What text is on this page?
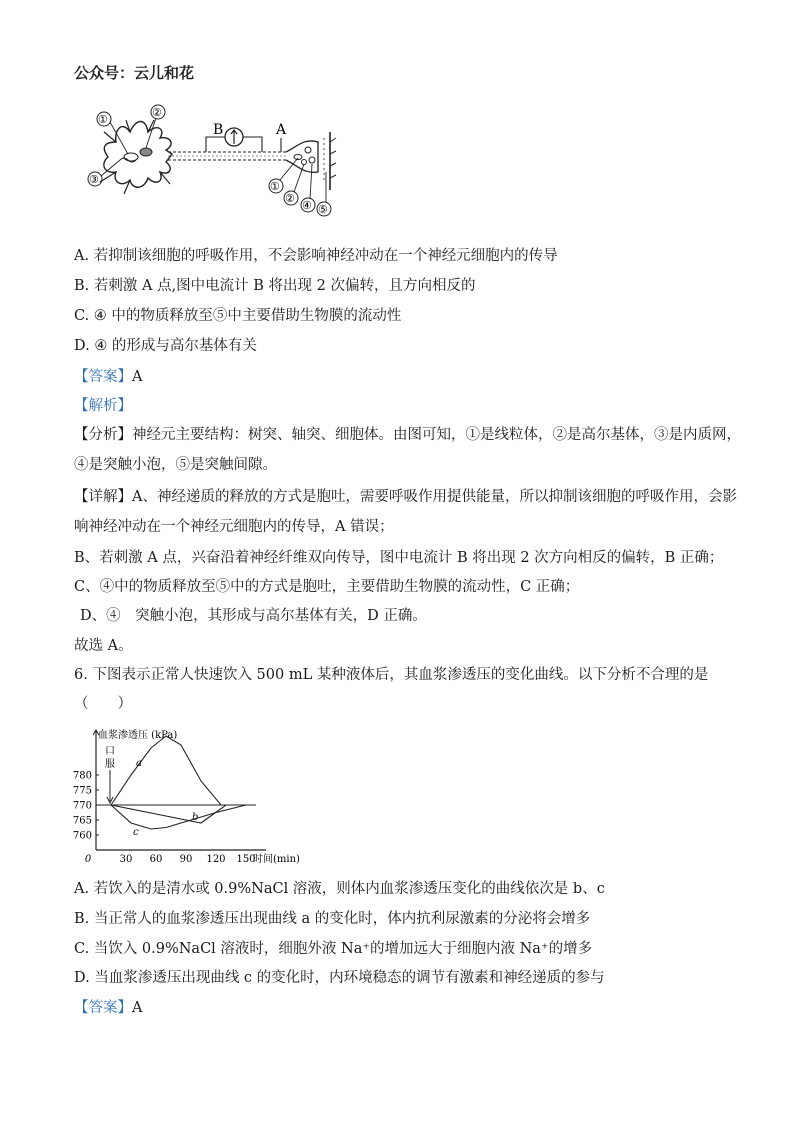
公众号：云儿和花
B	A
①
②
③
①
②
④ ⑤
A. 若抑制该细胞的呼吸作用，不会影响神经冲动在一个神经元细胞内的传导
B. 若刺激 A 点,图中电流计 B 将出现 2 次偏转，且方向相反的
C. ④ 中的物质释放至⑤中主要借助生物膜的流动性
D. ④ 的形成与高尔基体有关
【答案】A
【解析】
【分析】神经元主要结构：树突、轴突、细胞体。由图可知，①是线粒体，②是高尔基体，③是内质网，
④是突触小泡，⑤是突触间隙。
【详解】A、神经递质的释放的方式是胞吐，需要呼吸作用提供能量，所以抑制该细胞的呼吸作用，会影
响神经冲动在一个神经元细胞内的传导，A 错误；
B、若刺激 A 点，兴奋沿着神经纤维双向传导，图中电流计 B 将出现 2 次方向相反的偏转，B 正确；
C、④中的物质释放至⑤中的方式是胞吐，主要借助生物膜的流动性，C 正确；
D、④　突触小泡，其形成与高尔基体有关，D 正确。
故选 A。
6. 下图表示正常人快速饮入 500 mL 某种液体后，其血浆渗透压的变化曲线。以下分析不合理的是
（　　）
血浆渗透压 (kPa)
760
765
770
775
780
0	30 60 90 120 150
时间(min)
口
服 a
b
c
A. 若饮入的是清水或 0.9%NaCl 溶液，则体内血浆渗透压变化的曲线依次是 b、c
B. 当正常人的血浆渗透压出现曲线 a 的变化时，体内抗利尿激素的分泌将会增多
C. 当饮入 0.9%NaCl 溶液时，细胞外液 Na⁺的增加远大于细胞内液 Na⁺的增多
D. 当血浆渗透压出现曲线 c 的变化时，内环境稳态的调节有激素和神经递质的参与
【答案】A
